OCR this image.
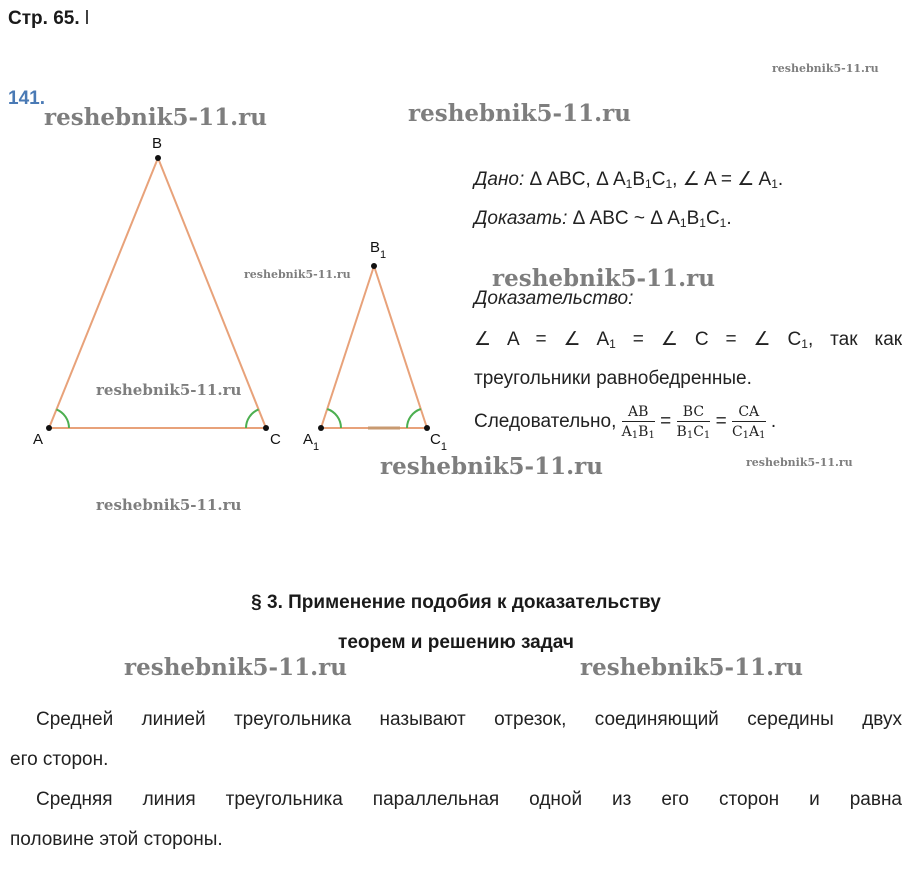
Стр. 65. l
141.
reshebnik5-11.ru
reshebnik5-11.ru	reshebnik5-11.ru
reshebnik5-11.ru	reshebnik5-11.ru
reshebnik5-11.ru
reshebnik5-11.ru	reshebnik5-11.ru
reshebnik5-11.ru
reshebnik5-11.ru	reshebnik5-11.ru
B
A	C
$B_1$
$A_1$	$C_1$
Дано: Δ ABC, Δ $A_1B_1C_1$, ∠ A = ∠ $A_1$.
Доказать: Δ ABC ~ Δ $A_1B_1C_1$.
Доказательство:
∠ A = ∠ $A_1$ = ∠ C = ∠ $C_1$, так как
треугольники равнобедренные.
Следовательно, $\frac{AB}{A_1B_1} = \frac{BC}{B_1C_1} = \frac{CA}{C_1A_1}$ .
§ 3. Применение подобия к доказательству
теорем и решению задач
Средней линией треугольника называют отрезок, соединяющий середины двух
его сторон.
Средняя линия треугольника параллельная одной из его сторон и равна
половине этой стороны.
